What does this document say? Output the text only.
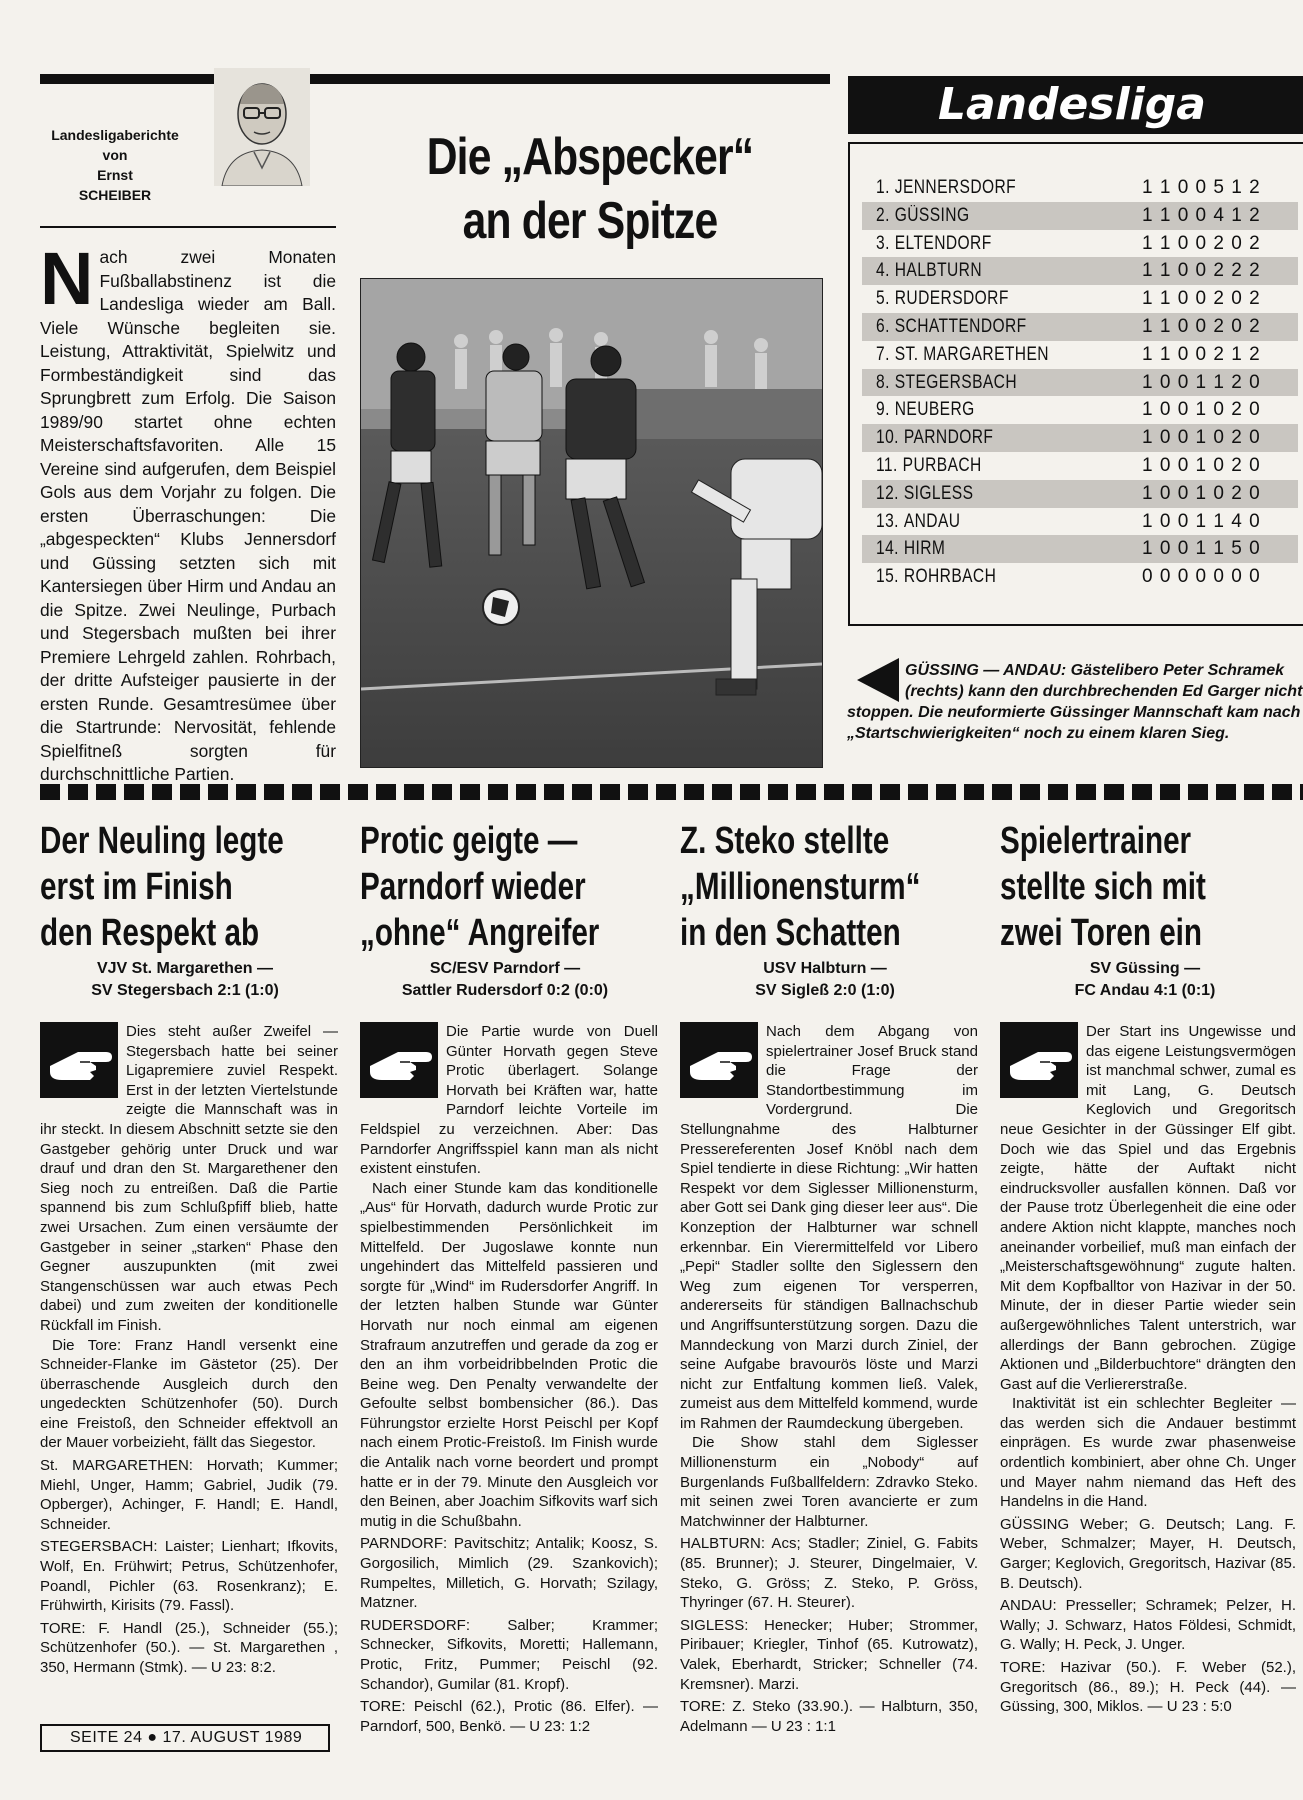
Landesligaberichte
von
Ernst
SCHEIBER
Die „Abspecker“
an der Spitze
Nach zwei Monaten Fußballabstinenz ist die Landesliga wieder am Ball. Viele Wünsche begleiten sie. Leistung, Attraktivität, Spielwitz und Formbeständigkeit sind das Sprungbrett zum Erfolg. Die Saison 1989/90 startet ohne echten Meisterschaftsfavoriten. Alle 15 Vereine sind aufgerufen, dem Beispiel Gols aus dem Vorjahr zu folgen. Die ersten Überraschungen: Die „abgespeckten“ Klubs Jennersdorf und Güssing setzten sich mit Kantersiegen über Hirm und Andau an die Spitze. Zwei Neulinge, Purbach und Stegersbach mußten bei ihrer Premiere Lehrgeld zahlen. Rohrbach, der dritte Aufsteiger pausierte in der ersten Runde. Gesamtresümee über die Startrunde: Nervosität, fehlende Spielfitneß sorgten für durchschnittliche Partien.
Landesliga
1. JENNERSDORF	1 1 0 0 5 1 2
2. GÜSSING	1 1 0 0 4 1 2
3. ELTENDORF	1 1 0 0 2 0 2
4. HALBTURN	1 1 0 0 2 2 2
5. RUDERSDORF	1 1 0 0 2 0 2
6. SCHATTENDORF	1 1 0 0 2 0 2
7. ST. MARGARETHEN	1 1 0 0 2 1 2
8. STEGERSBACH	1 0 0 1 1 2 0
9. NEUBERG	1 0 0 1 0 2 0
10. PARNDORF	1 0 0 1 0 2 0
11. PURBACH	1 0 0 1 0 2 0
12. SIGLESS	1 0 0 1 0 2 0
13. ANDAU	1 0 0 1 1 4 0
14. HIRM	1 0 0 1 1 5 0
15. ROHRBACH	0 0 0 0 0 0 0
GÜSSING — ANDAU: Gästelibero Peter Schramek (rechts) kann den durchbrechenden Ed Garger nicht stoppen. Die neuformierte Güssinger Mannschaft kam nach „Startschwierigkeiten“ noch zu einem klaren Sieg.
Der Neuling legte
erst im Finish
den Respekt ab
VJV St. Margarethen —
SV Stegersbach 2:1 (1:0)

Dies steht außer Zweifel — Stegersbach hatte bei seiner Ligapremiere zuviel Respekt. Erst in der letzten Viertelstunde zeigte die Mannschaft was in ihr steckt. In diesem Abschnitt setzte sie den Gastgeber gehörig unter Druck und war drauf und dran den St. Margarethener den Sieg noch zu entreißen. Daß die Partie spannend bis zum Schlußpfiff blieb, hatte zwei Ursachen. Zum einen versäumte der Gastgeber in seiner „starken“ Phase den Gegner auszupunkten (mit zwei Stangenschüssen war auch etwas Pech dabei) und zum zweiten der konditionelle Rückfall im Finish.

Die Tore: Franz Handl versenkt eine Schneider-Flanke im Gästetor (25). Der überraschende Ausgleich durch den ungedeckten Schützenhofer (50). Durch eine Freistoß, den Schneider effektvoll an der Mauer vorbeizieht, fällt das Siegestor.

St. MARGARETHEN: Horvath; Kummer; Miehl, Unger, Hamm; Gabriel, Judik (79. Opberger), Achinger, F. Handl; E. Handl, Schneider.

STEGERSBACH: Laister; Lienhart; Ifkovits, Wolf, En. Frühwirt; Petrus, Schützenhofer, Poandl, Pichler (63. Rosenkranz); E. Frühwirth, Kirisits (79. Fassl).

TORE: F. Handl (25.), Schneider (55.); Schützenhofer (50.). — St. Margarethen , 350, Hermann (Stmk). — U 23: 8:2.

Protic geigte —
Parndorf wieder
„ohne“ Angreifer
SC/ESV Parndorf —
Sattler Rudersdorf 0:2 (0:0)

Die Partie wurde von Duell Günter Horvath gegen Steve Protic überlagert. Solange Horvath bei Kräften war, hatte Parndorf leichte Vorteile im Feldspiel zu verzeichnen. Aber: Das Parndorfer Angriffsspiel kann man als nicht existent einstufen.

Nach einer Stunde kam das konditionelle „Aus“ für Horvath, dadurch wurde Protic zur spielbestimmenden Persönlichkeit im Mittelfeld. Der Jugoslawe konnte nun ungehindert das Mittelfeld passieren und sorgte für „Wind“ im Rudersdorfer Angriff. In der letzten halben Stunde war Günter Horvath nur noch einmal am eigenen Strafraum anzutreffen und gerade da zog er den an ihm vorbeidribbelnden Protic die Beine weg. Den Penalty verwandelte der Gefoulte selbst bombensicher (86.). Das Führungstor erzielte Horst Peischl per Kopf nach einem Protic-Freistoß. Im Finish wurde die Antalik nach vorne beordert und prompt hatte er in der 79. Minute den Ausgleich vor den Beinen, aber Joachim Sifkovits warf sich mutig in die Schußbahn.

PARNDORF: Pavitschitz; Antalik; Koosz, S. Gorgosilich, Mimlich (29. Szankovich); Rumpeltes, Milletich, G. Horvath; Szilagy, Matzner.

RUDERSDORF: Salber; Krammer; Schnecker, Sifkovits, Moretti; Hallemann, Protic, Fritz, Pummer; Peischl (92. Schandor), Gumilar (81. Kropf).

TORE: Peischl (62.), Protic (86. Elfer). — Parndorf, 500, Benkö. — U 23: 1:2

Z. Steko stellte
„Millionensturm“
in den Schatten
USV Halbturn —
SV Sigleß 2:0 (1:0)

Nach dem Abgang von spielertrainer Josef Bruck stand die Frage der Standortbestimmung im Vordergrund. Die Stellungnahme des Halbturner Pressereferenten Josef Knöbl nach dem Spiel tendierte in diese Richtung: „Wir hatten Respekt vor dem Siglesser Millionensturm, aber Gott sei Dank ging dieser leer aus“. Die Konzeption der Halbturner war schnell erkennbar. Ein Vierermittelfeld vor Libero „Pepi“ Stadler sollte den Siglessern den Weg zum eigenen Tor versperren, andererseits für ständigen Ballnachschub und Angriffsunterstützung sorgen. Dazu die Manndeckung von Marzi durch Ziniel, der seine Aufgabe bravourös löste und Marzi nicht zur Entfaltung kommen ließ. Valek, zumeist aus dem Mittelfeld kommend, wurde im Rahmen der Raumdeckung übergeben.

Die Show stahl dem Siglesser Millionensturm ein „Nobody“ auf Burgenlands Fußballfeldern: Zdravko Steko. mit seinen zwei Toren avancierte er zum Matchwinner der Halbturner.

HALBTURN: Acs; Stadler; Ziniel, G. Fabits (85. Brunner); J. Steurer, Dingelmaier, V. Steko, G. Gröss; Z. Steko, P. Gröss, Thyringer (67. H. Steurer).

SIGLESS: Henecker; Huber; Strommer, Piribauer; Kriegler, Tinhof (65. Kutrowatz), Valek, Eberhardt, Stricker; Schneller (74. Kremsner). Marzi.

TORE: Z. Steko (33.90.). — Halbturn, 350, Adelmann — U 23 : 1:1

Spielertrainer
stellte sich mit
zwei Toren ein
SV Güssing —
FC Andau 4:1 (0:1)

Der Start ins Ungewisse und das eigene Leistungsvermögen ist manchmal schwer, zumal es mit Lang, G. Deutsch Keglovich und Gregoritsch neue Gesichter in der Güssinger Elf gibt. Doch wie das Spiel und das Ergebnis zeigte, hätte der Auftakt nicht eindrucksvoller ausfallen können. Daß vor der Pause trotz Überlegenheit die eine oder andere Aktion nicht klappte, manches noch aneinander vorbeilief, muß man einfach der „Meisterschaftsgewöhnung“ zugute halten. Mit dem Kopfballtor von Hazivar in der 50. Minute, der in dieser Partie wieder sein außergewöhnliches Talent unterstrich, war allerdings der Bann gebrochen. Zügige Aktionen und „Bilderbuchtore“ drängten den Gast auf die Verliererstraße.

Inaktivität ist ein schlechter Begleiter — das werden sich die Andauer bestimmt einprägen. Es wurde zwar phasenweise ordentlich kombiniert, aber ohne Ch. Unger und Mayer nahm niemand das Heft des Handelns in die Hand.

GÜSSING Weber; G. Deutsch; Lang. F. Weber, Schmalzer; Mayer, H. Deutsch, Garger; Keglovich, Gregoritsch, Hazivar (85. B. Deutsch).

ANDAU: Presseller; Schramek; Pelzer, H. Wally; J. Schwarz, Hatos Földesi, Schmidt, G. Wally; H. Peck, J. Unger.

TORE: Hazivar (50.). F. Weber (52.), Gregoritsch (86., 89.); H. Peck (44). — Güssing, 300, Miklos. — U 23 : 5:0

SEITE 24 ● 17. AUGUST 1989
